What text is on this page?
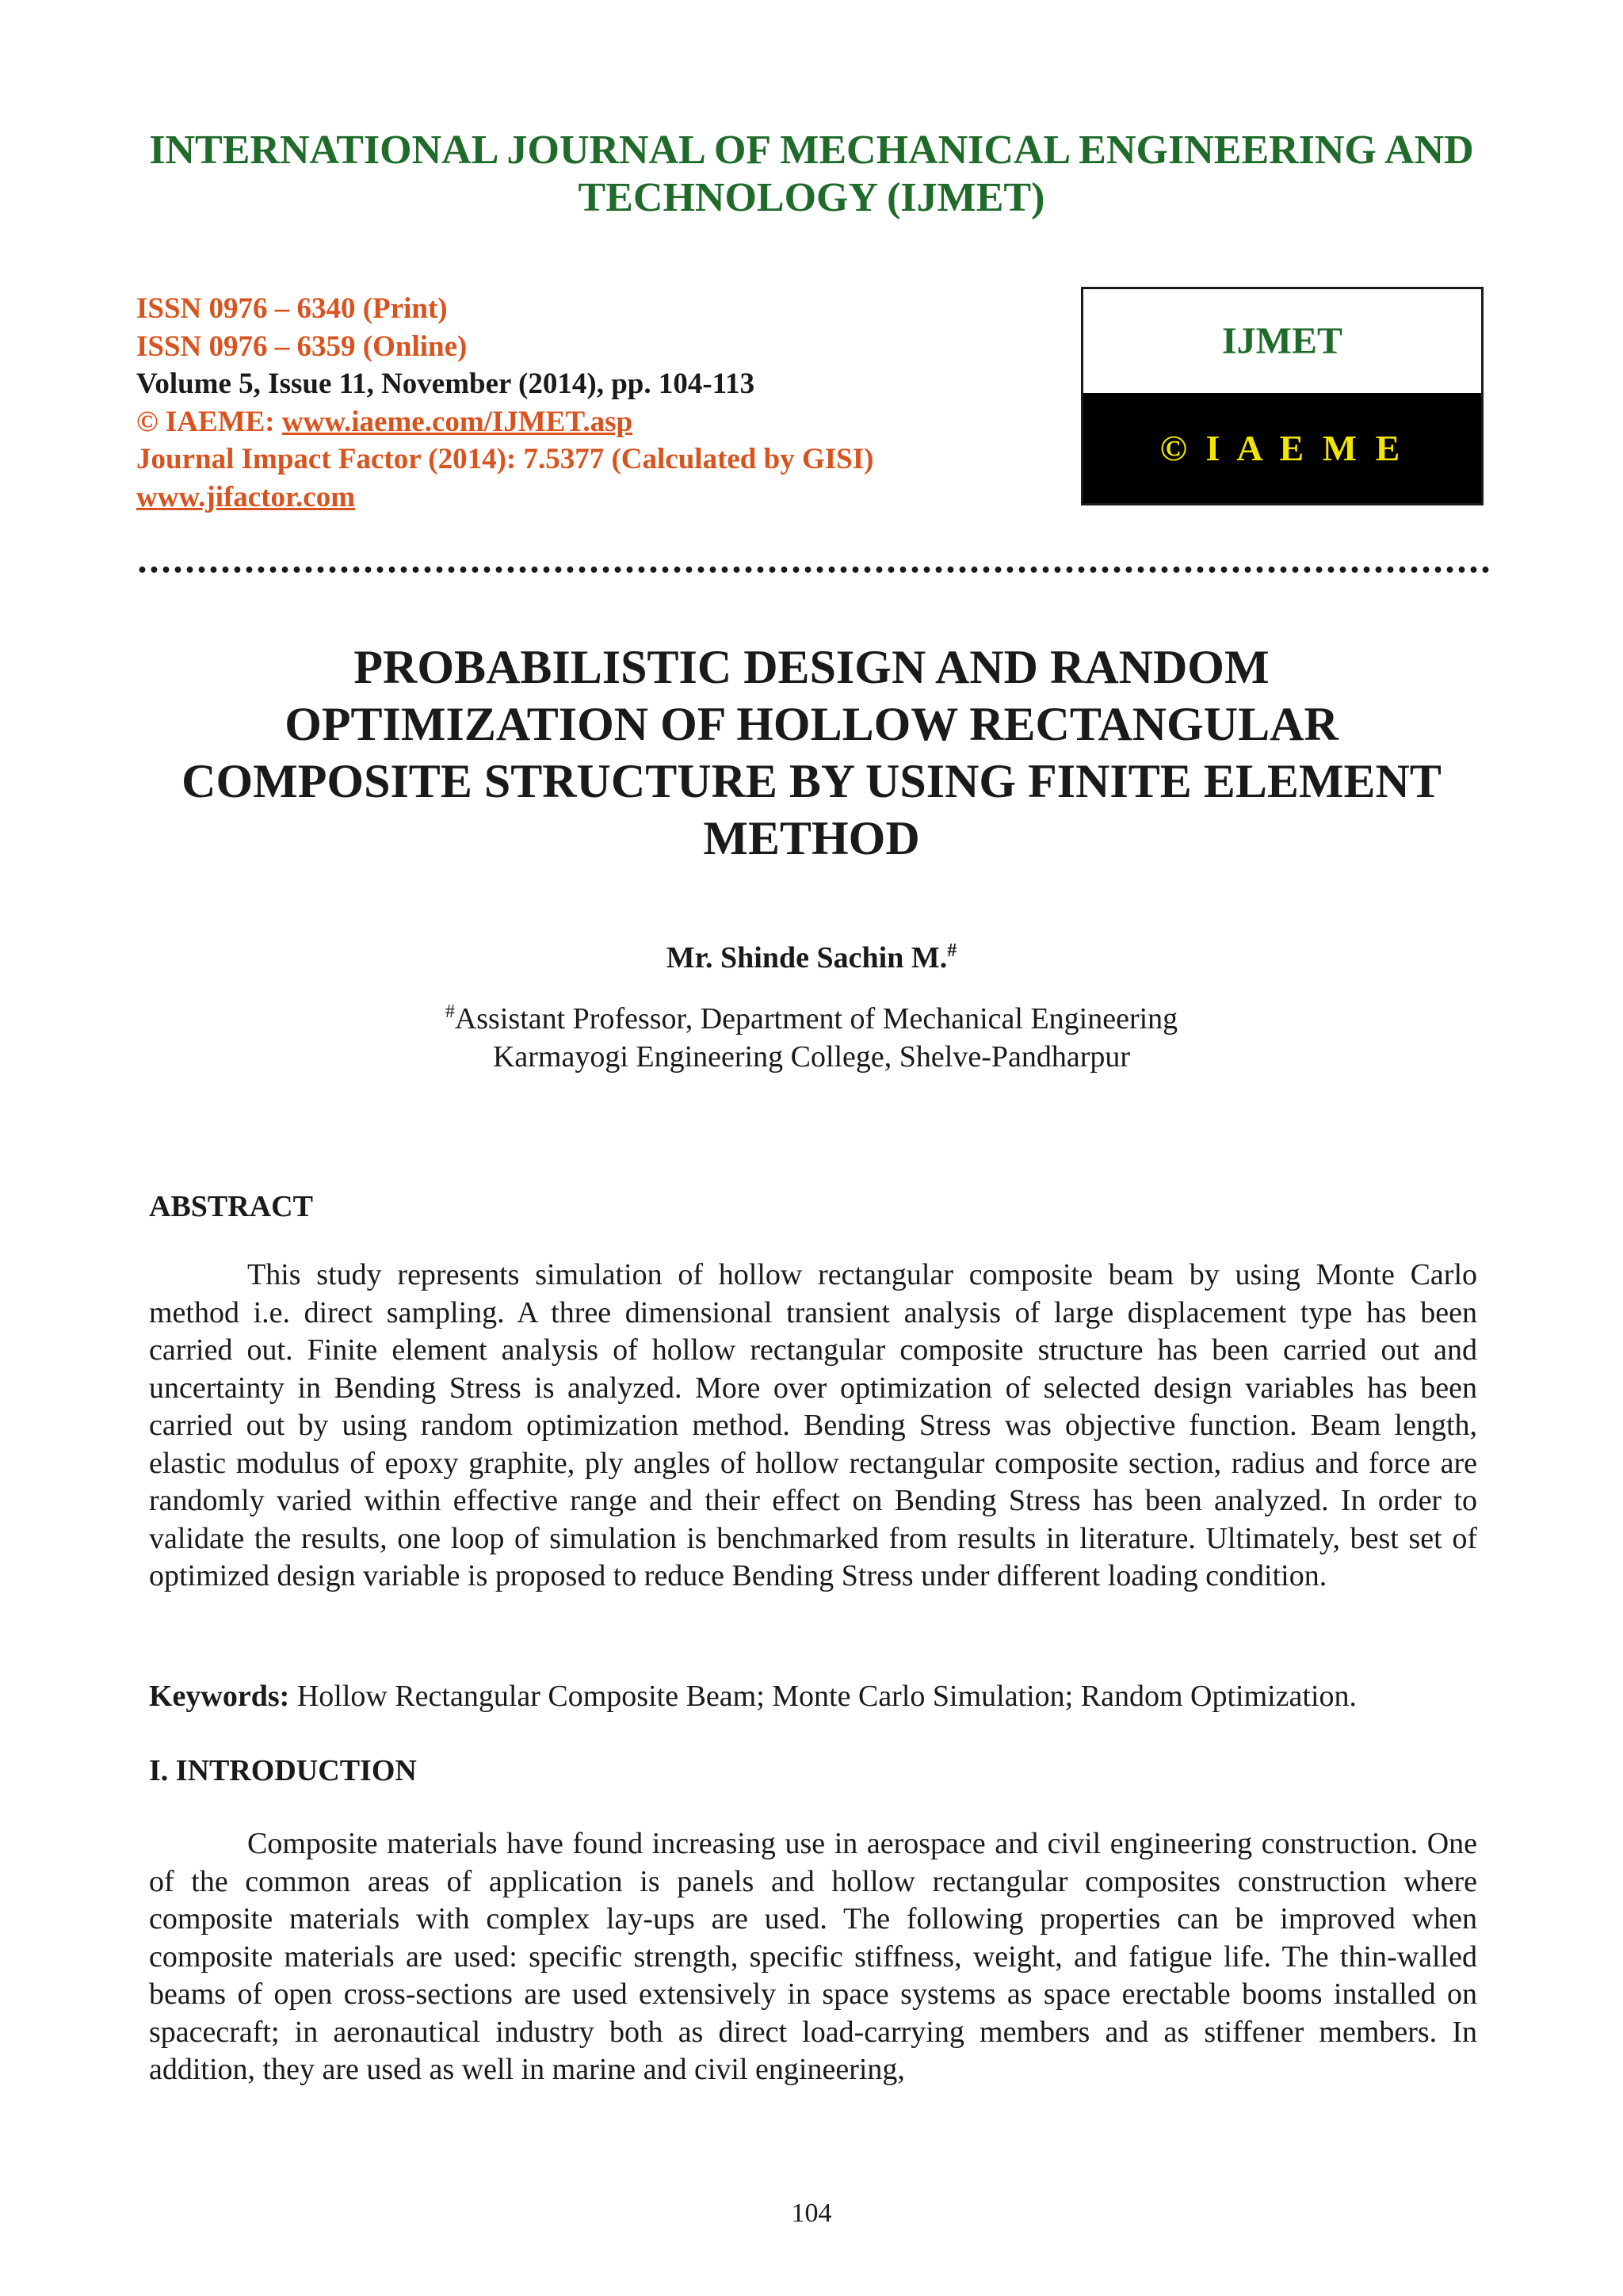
INTERNATIONAL JOURNAL OF MECHANICAL ENGINEERING AND
TECHNOLOGY (IJMET)
ISSN 0976 – 6340 (Print)
ISSN 0976 – 6359 (Online)
Volume 5, Issue 11, November (2014), pp. 104-113
© IAEME: www.iaeme.com/IJMET.asp
Journal Impact Factor (2014): 7.5377 (Calculated by GISI)
www.jifactor.com
IJMET
© I A E M E
PROBABILISTIC DESIGN AND RANDOM
OPTIMIZATION OF HOLLOW RECTANGULAR
COMPOSITE STRUCTURE BY USING FINITE ELEMENT
METHOD
Mr. Shinde Sachin M.#
#Assistant Professor, Department of Mechanical Engineering
Karmayogi Engineering College, Shelve-Pandharpur
ABSTRACT

This study represents simulation of hollow rectangular composite beam by using Monte Carlo method i.e. direct sampling. A three dimensional transient analysis of large displacement type has been carried out. Finite element analysis of hollow rectangular composite structure has been carried out and uncertainty in Bending Stress is analyzed. More over optimization of selected design variables has been carried out by using random optimization method. Bending Stress was objective function. Beam length, elastic modulus of epoxy graphite, ply angles of hollow rectangular composite section, radius and force are randomly varied within effective range and their effect on Bending Stress has been analyzed. In order to validate the results, one loop of simulation is benchmarked from results in literature. Ultimately, best set of optimized design variable is proposed to reduce Bending Stress under different loading condition.

Keywords: Hollow Rectangular Composite Beam; Monte Carlo Simulation; Random Optimization.
I. INTRODUCTION

Composite materials have found increasing use in aerospace and civil engineering construction. One of the common areas of application is panels and hollow rectangular composites construction where composite materials with complex lay-ups are used. The following properties can be improved when composite materials are used: specific strength, specific stiffness, weight, and fatigue life. The thin-walled beams of open cross-sections are used extensively in space systems as space erectable booms installed on spacecraft; in aeronautical industry both as direct load-carrying members and as stiffener members. In addition, they are used as well in marine and civil engineering,

104
